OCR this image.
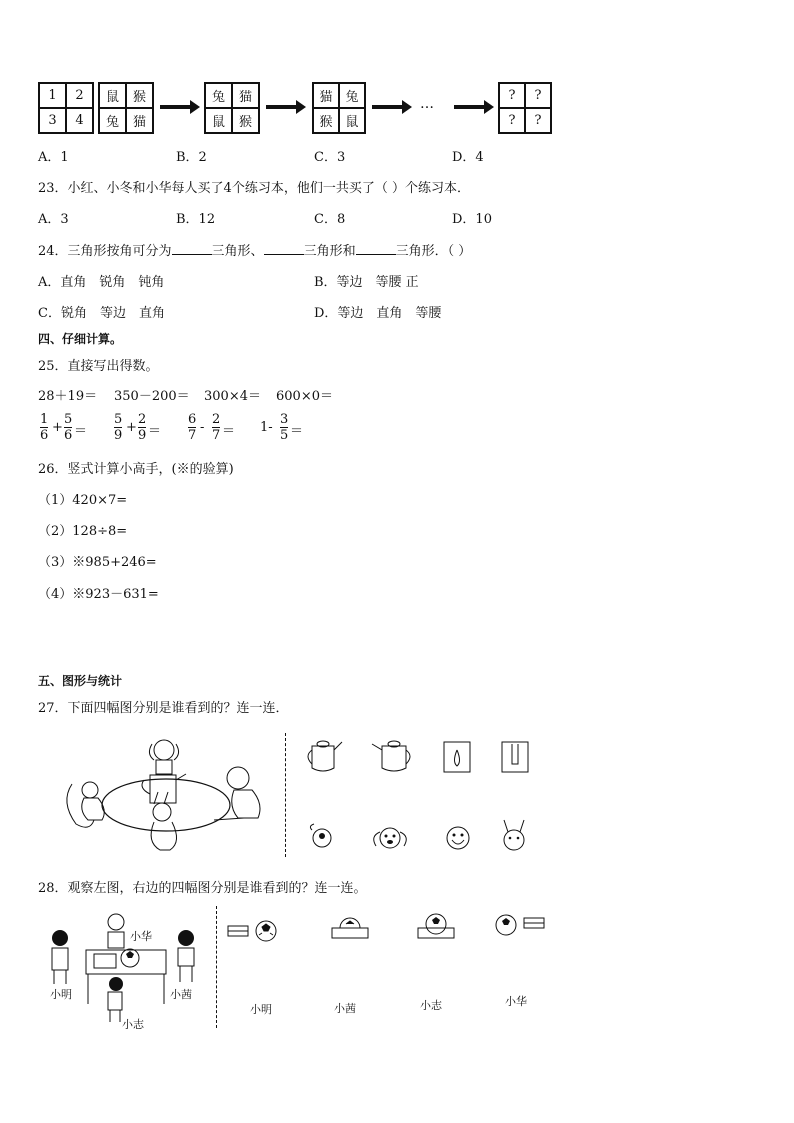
1	2
3	4
鼠	猴
兔	猫
兔	猫
鼠	猴
猫 兔
猴 鼠
…
?	?
?	?
A．1	B．2	C．3	D．4
23．小红、小冬和小华每人买了4个练习本，他们一共买了（ ）个练习本．
A．3	B．12	C．8	D．10
24．三角形按角可分为	三角形、	三角形和	三角形．（ ）
A．直角　锐角　钝角	B．等边　等腰 正
C．锐角　等边　直角	D．等边　直角　等腰
四、仔细计算。
25．直接写出得数。
28＋19＝ 350－200＝ 300×4＝ 600×0＝
1
6
+
5
6 ＝
5
9
+
2
9 ＝
6
7
-
2
7 ＝ 1-
3
5 ＝
26．竖式计算小高手，(※的验算)
（1）420×7=
（2）128÷8=
（3）※985+246=
（4）※923－631=
五、图形与统计
27．下面四幅图分别是谁看到的？连一连．
28．观察左图，右边的四幅图分别是谁看到的？连一连。
小华
小明	小茜
小志
小明	小茜	小志	小华
